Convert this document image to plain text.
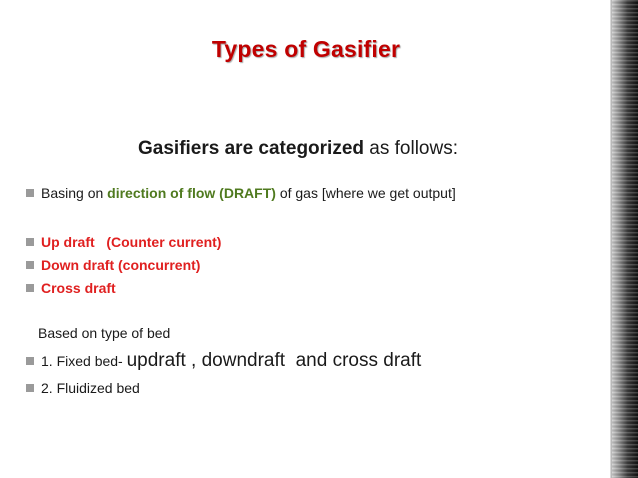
Types of Gasifier
Gasifiers are categorized as follows:
Basing on
direction of flow (DRAFT)
of gas [where we get output]
Up draft   (Counter current)
Down draft (concurrent)
Cross draft
Based on type of bed
1. Fixed bed- updraft , downdraft  and cross draft
2. Fluidized bed
